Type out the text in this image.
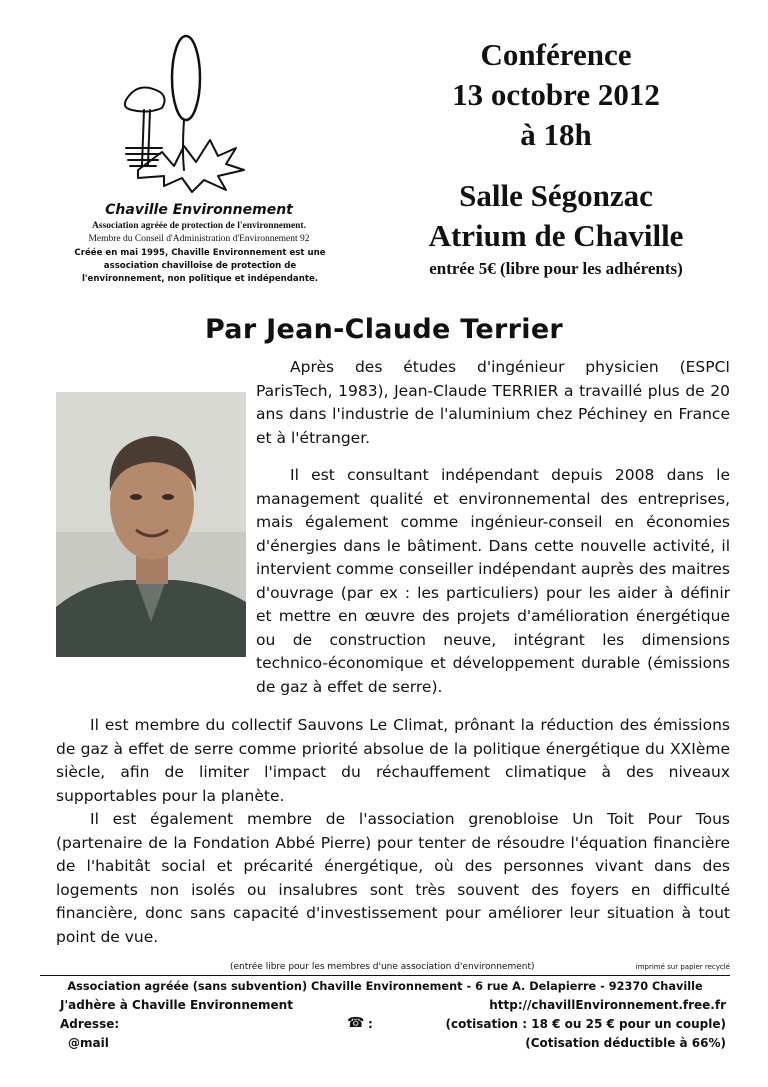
Chaville Environnement
Association agréée de protection de l'environnement.
Membre du Conseil d'Administration d'Environnement 92
Créée en mai 1995, Chaville Environnement est une association chavilloise de protection de l'environnement, non politique et indépendante.
Conférence
13 octobre 2012
à 18h
Salle Ségonzac
Atrium de Chaville
entrée 5€ (libre pour les adhérents)
Par Jean-Claude Terrier
Après des études d'ingénieur physicien (ESPCI ParisTech, 1983), Jean-Claude TERRIER a travaillé plus de 20 ans dans l'industrie de l'aluminium chez Péchiney en France et à l'étranger.
Il est consultant indépendant depuis 2008 dans le management qualité et environnemental des entreprises, mais également comme ingénieur-conseil en économies d'énergies dans le bâtiment. Dans cette nouvelle activité, il intervient comme conseiller indépendant auprès des maitres d'ouvrage (par ex : les particuliers) pour les aider à définir et mettre en œuvre des projets d'amélioration énergétique ou de construction neuve, intégrant les dimensions technico-économique et développement durable (émissions de gaz à effet de serre).
Il est membre du collectif Sauvons Le Climat, prônant la réduction des émissions de gaz à effet de serre comme priorité absolue de la politique énergétique du XXIème siècle, afin de limiter l'impact du réchauffement climatique à des niveaux supportables pour la planète.
Il est également membre de l'association grenobloise Un Toit Pour Tous (partenaire de la Fondation Abbé Pierre) pour tenter de résoudre l'équation financière de l'habitât social et précarité énergétique, où des personnes vivant dans des logements non isolés ou insalubres sont très souvent des foyers en difficulté financière, donc sans capacité d'investissement pour améliorer leur situation à tout point de vue.
(entrée libre pour les membres d'une association d'environnement)	imprimé sur papier recyclé
Association agréée (sans subvention) Chaville Environnement - 6 rue A. Delapierre - 92370 Chaville
J'adhère à Chaville Environnement	http://chavillEnvironnement.free.fr
Adresse:	☎ :	(cotisation : 18 € ou 25 € pour un couple)
@mail	(Cotisation déductible à 66%)
